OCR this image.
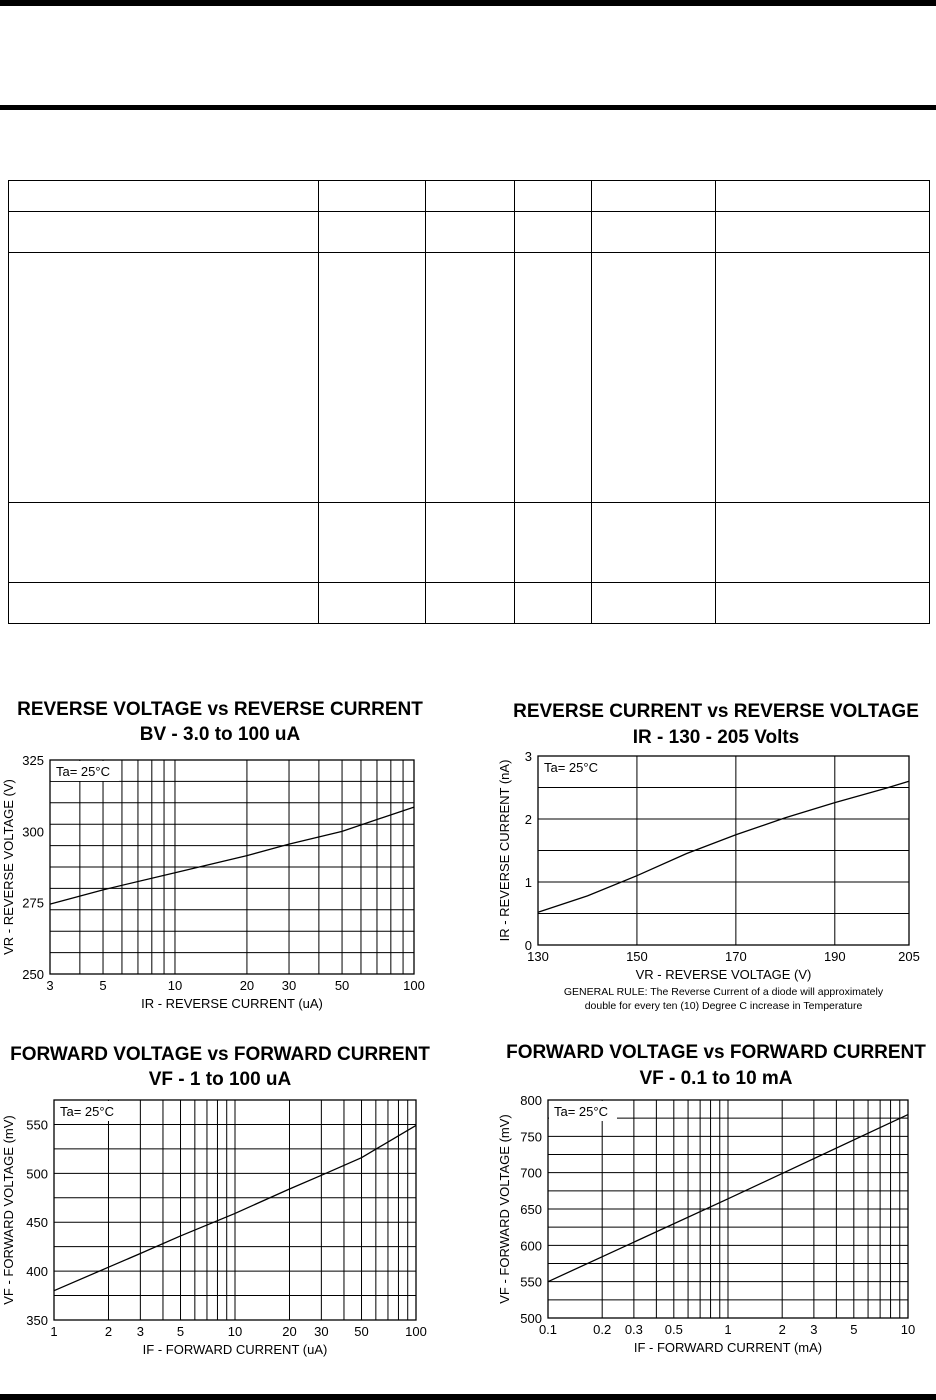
REVERSE VOLTAGE vs REVERSE CURRENT
BV - 3.0 to 100 uA
REVERSE CURRENT vs REVERSE VOLTAGE
IR - 130 - 205 Volts
FORWARD VOLTAGE vs FORWARD CURRENT
VF - 1 to 100 uA
FORWARD VOLTAGE vs FORWARD CURRENT
VF - 0.1 to 10 mA
Ta= 25°C
3	5	10	20 30	50	100
250
275
300
325
IR - REVERSE CURRENT (uA)
VR - REVERSE VOLTAGE (V)
Ta= 25°C
130	150	170	190	205
0
1
2
3
VR - REVERSE VOLTAGE (V)
IR - REVERSE CURRENT (nA)
GENERAL RULE: The Reverse Current of a diode will approximately
double for every ten (10) Degree C increase in Temperature
Ta= 25°C
1	2 3	5	10	20 30 50	100
350
400
450
500
550
IF - FORWARD CURRENT (uA)
VF - FORWARD VOLTAGE (mV)
Ta= 25°C
0.1	0.2 0.3 0.5	1	2 3	5	10
500
550
600
650
700
750
800
IF - FORWARD CURRENT (mA)
VF - FORWARD VOLTAGE (mV)
